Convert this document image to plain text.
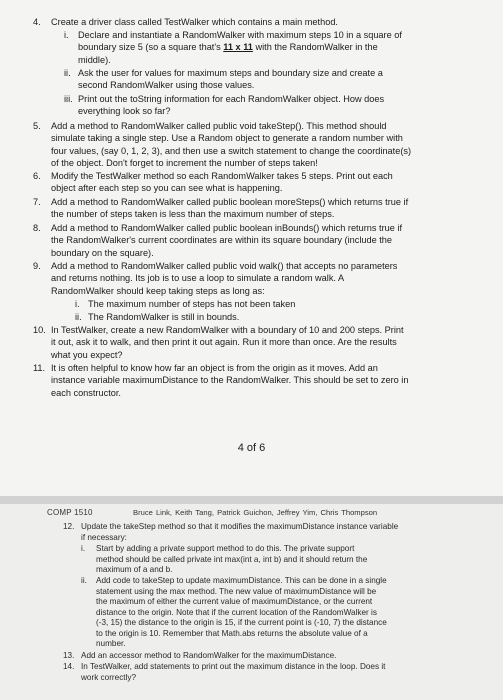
4. Create a driver class called TestWalker which contains a main method.
i. Declare and instantiate a RandomWalker with maximum steps 10 in a square of
boundary size 5 (so a square that's 11 x 11 with the RandomWalker in the
middle).
ii. Ask the user for values for maximum steps and boundary size and create a
second RandomWalker using those values.
iii. Print out the toString information for each RandomWalker object. How does
everything look so far?
5. Add a method to RandomWalker called public void takeStep(). This method should
simulate taking a single step. Use a Random object to generate a random number with
four values, (say 0, 1, 2, 3), and then use a switch statement to change the coordinate(s)
of the object. Don't forget to increment the number of steps taken!
6. Modify the TestWalker method so each RandomWalker takes 5 steps. Print out each
object after each step so you can see what is happening.
7. Add a method to RandomWalker called public boolean moreSteps() which returns true if
the number of steps taken is less than the maximum number of steps.
8. Add a method to RandomWalker called public boolean inBounds() which returns true if
the RandomWalker's current coordinates are within its square boundary (include the
boundary on the square).
9. Add a method to RandomWalker called public void walk() that accepts no parameters
and returns nothing. Its job is to use a loop to simulate a random walk. A
RandomWalker should keep taking steps as long as:
i. The maximum number of steps has not been taken
ii. The RandomWalker is still in bounds.
10. In TestWalker, create a new RandomWalker with a boundary of 10 and 200 steps. Print
it out, ask it to walk, and then print it out again. Run it more than once. Are the results
what you expect?
11. It is often helpful to know how far an object is from the origin as it moves. Add an
instance variable maximumDistance to the RandomWalker. This should be set to zero in
each constructor.
4 of 6
COMP 1510	Bruce Link, Keith Tang, Patrick Guichon, Jeffrey Yim, Chris Thompson
12. Update the takeStep method so that it modifies the maximumDistance instance variable
if necessary:
i. Start by adding a private support method to do this. The private support
method should be called private int max(int a, int b) and it should return the
maximum of a and b.
ii. Add code to takeStep to update maximumDistance. This can be done in a single
statement using the max method. The new value of maximumDistance will be
the maximum of either the current value of maximumDistance, or the current
distance to the origin. Note that if the current location of the RandomWalker is
(-3, 15) the distance to the origin is 15, if the current point is (-10, 7) the distance
to the origin is 10. Remember that Math.abs returns the absolute value of a
number.
13. Add an accessor method to RandomWalker for the maximumDistance.
14. In TestWalker, add statements to print out the maximum distance in the loop. Does it
work correctly?
